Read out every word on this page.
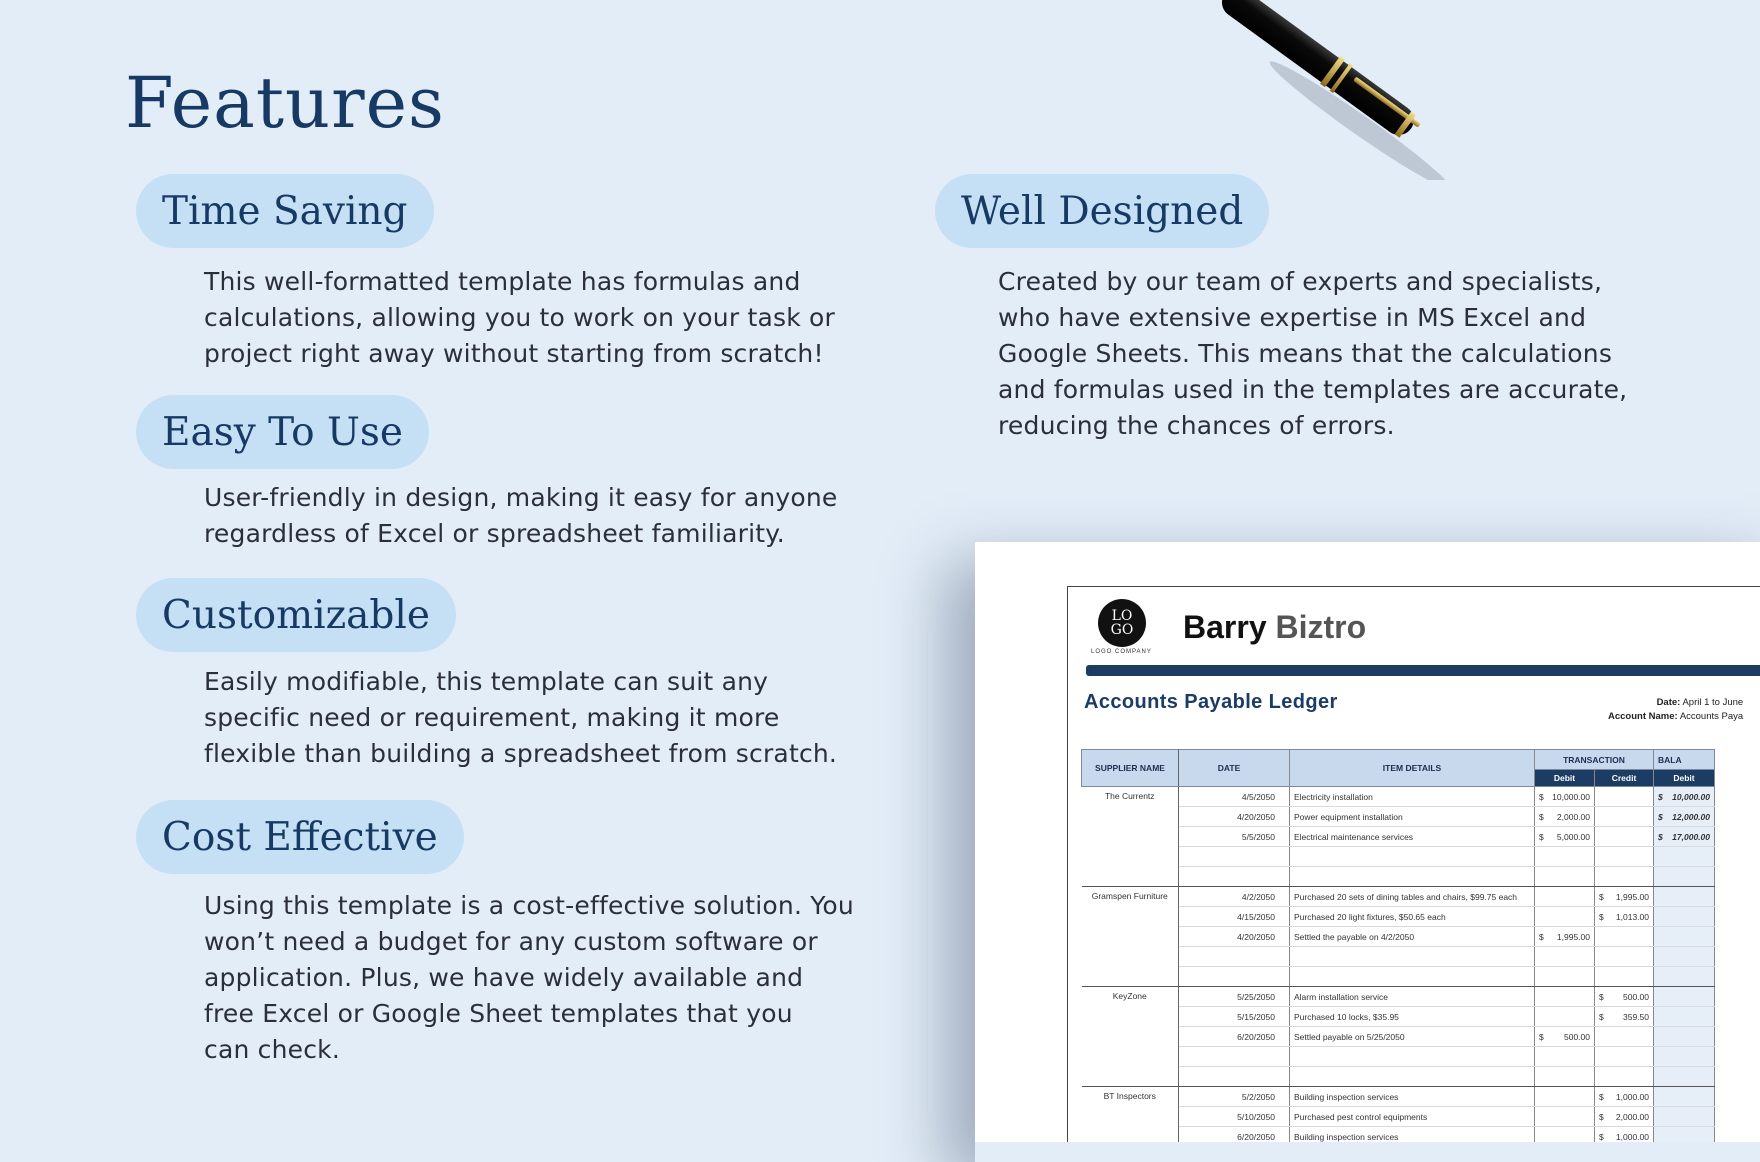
Features
Time Saving
This well-formatted template has formulas and
calculations, allowing you to work on your task or
project right away without starting from scratch!
Easy To Use
User-friendly in design, making it easy for anyone
regardless of Excel or spreadsheet familiarity.
Customizable
Easily modifiable, this template can suit any
specific need or requirement, making it more
flexible than building a spreadsheet from scratch.
Cost Effective
Using this template is a cost-effective solution. You
won’t need a budget for any custom software or
application. Plus, we have widely available and
free Excel or Google Sheet templates that you
can check.
Well Designed
Created by our team of experts and specialists,
who have extensive expertise in MS Excel and
Google Sheets. This means that the calculations
and formulas used in the templates are accurate,
reducing the chances of errors.
LO
GO
LOGO COMPANY
Barry Biztro
Accounts Payable Ledger	Date: April 1 to June
Account Name: Accounts Paya
SUPPLIER NAME	DATE	ITEM DETAILS	TRANSACTION		BALA
			Debit	Credit	Debit
The Currentz	4/5/2050	Electricity installation	$ 10,000.00		$ 10,000.00

	4/20/2050	Power equipment installation	$ 2,000.00		$ 12,000.00

	5/5/2050	Electrical maintenance services	$ 5,000.00		$ 17,000.00

Gramspen Furniture	4/2/2050	Purchased 20 sets of dining tables and chairs, $99.75 each		$ 1,995.00	

	4/15/2050	Purchased 20 light fixtures, $50.65 each		$ 1,013.00	

	4/20/2050	Settled the payable on 4/2/2050	$ 1,995.00		

KeyZone	5/25/2050	Alarm installation service		$ 500.00	

	5/15/2050	Purchased 10 locks, $35.95		$ 359.50	

	6/20/2050	Settled payable on 5/25/2050	$ 500.00		

BT Inspectors	5/2/2050	Building inspection services		$ 1,000.00	

	5/10/2050	Purchased pest control equipments		$ 2,000.00	

	6/20/2050	Building inspection services		$ 1,000.00	
